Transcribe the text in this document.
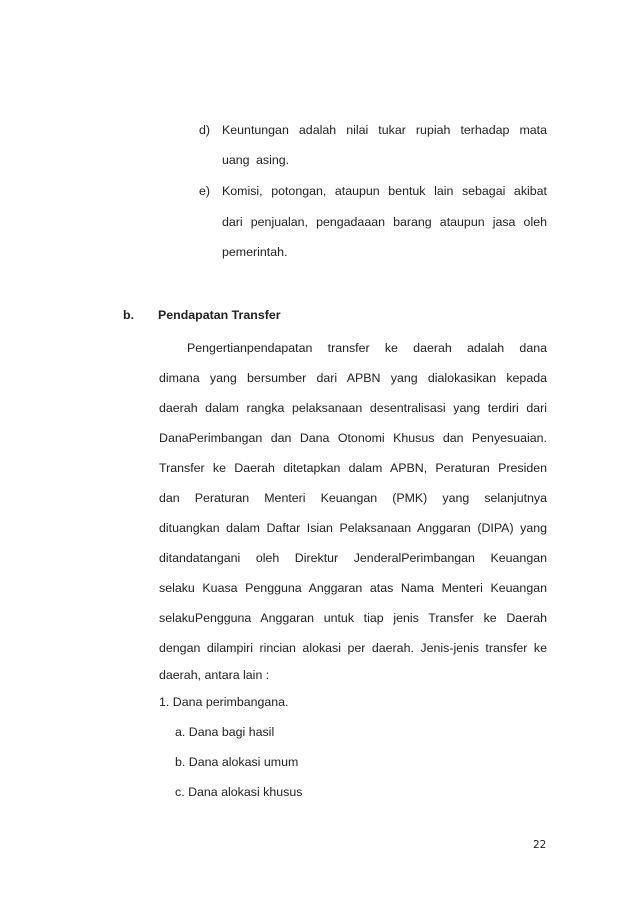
d) Keuntungan adalah nilai tukar rupiah terhadap mata
uang asing.
e) Komisi, potongan, ataupun bentuk lain sebagai akibat
dari penjualan, pengadaaan barang ataupun jasa oleh
pemerintah.
b. Pendapatan Transfer
Pengertianpendapatan transfer ke daerah adalah dana
dimana yang bersumber dari APBN yang dialokasikan kepada
daerah dalam rangka pelaksanaan desentralisasi yang terdiri dari
DanaPerimbangan dan Dana Otonomi Khusus dan Penyesuaian.
Transfer ke Daerah ditetapkan dalam APBN, Peraturan Presiden
dan Peraturan Menteri Keuangan (PMK) yang selanjutnya
dituangkan dalam Daftar Isian Pelaksanaan Anggaran (DIPA) yang
ditandatangani oleh Direktur JenderalPerimbangan Keuangan
selaku Kuasa Pengguna Anggaran atas Nama Menteri Keuangan
selakuPengguna Anggaran untuk tiap jenis Transfer ke Daerah
dengan dilampiri rincian alokasi per daerah. Jenis-jenis transfer ke
daerah, antara lain :
1. Dana perimbangana.
a. Dana bagi hasil
b. Dana alokasi umum
c. Dana alokasi khusus
22
